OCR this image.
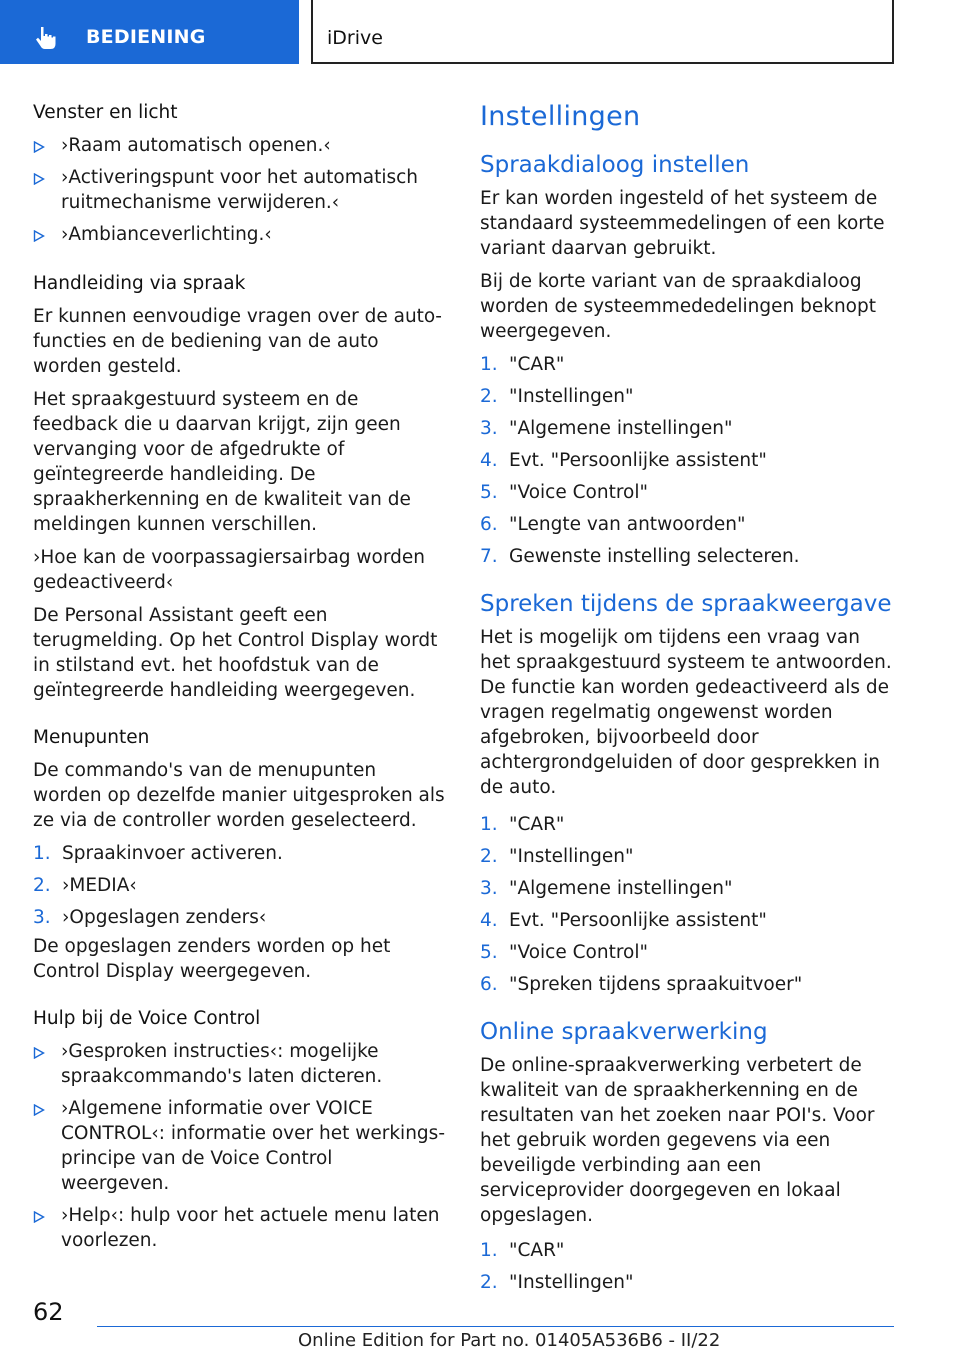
BEDIENING	iDrive
Venster en licht
›Raam automatisch openen.‹
›Activeringspunt voor het automatisch ruitmechanisme verwijderen.‹
›Ambianceverlichting.‹
Handleiding via spraak

Er kunnen eenvoudige vragen over de autofuncties en de bediening van de auto worden gesteld.

Het spraakgestuurd systeem en de feedback die u daarvan krijgt, zijn geen vervanging voor de afgedrukte of geïntegreerde handleiding. De spraakherkenning en de kwaliteit van de meldingen kunnen verschillen.

›Hoe kan de voorpassagiersairbag worden gedeactiveerd‹

De Personal Assistant geeft een terugmelding. Op het Control Display wordt in stilstand evt. het hoofdstuk van de geïntegreerde handleiding weergegeven.

Menupunten

De commando's van de menupunten worden op dezelfde manier uitgesproken als ze via de controller worden geselecteerd.

1. Spraakinvoer activeren.
2. ›MEDIA‹
3. ›Opgeslagen zenders‹

De opgeslagen zenders worden op het Control Display weergegeven.

Hulp bij de Voice Control
›Gesproken instructies‹: mogelijke spraakcommando's laten dicteren.
›Algemene informatie over VOICE CONTROL‹: informatie over het werkingsprincipe van de Voice Control weergeven.
›Help‹: hulp voor het actuele menu laten voorlezen.
Instellingen
Spraakdialoog instellen

Er kan worden ingesteld of het systeem de standaard systeemmedelingen of een korte variant daarvan gebruikt.

Bij de korte variant van de spraakdialoog worden de systeemmededelingen beknopt weergegeven.

1. "CAR"
2. "Instellingen"
3. "Algemene instellingen"
4. Evt. "Persoonlijke assistent"
5. "Voice Control"
6. "Lengte van antwoorden"
7. Gewenste instelling selecteren.
Spreken tijdens de spraakweergave

Het is mogelijk om tijdens een vraag van het spraakgestuurd systeem te antwoorden. De functie kan worden gedeactiveerd als de vragen regelmatig ongewenst worden afgebroken, bijvoorbeeld door achtergrondgeluiden of door gesprekken in de auto.

1. "CAR"
2. "Instellingen"
3. "Algemene instellingen"
4. Evt. "Persoonlijke assistent"
5. "Voice Control"
6. "Spreken tijdens spraakuitvoer"
Online spraakverwerking

De online-spraakverwerking verbetert de kwaliteit van de spraakherkenning en de resultaten van het zoeken naar POI's. Voor het gebruik worden gegevens via een beveiligde verbinding aan een serviceprovider doorgegeven en lokaal opgeslagen.

1. "CAR"
2. "Instellingen"
62
Online Edition for Part no. 01405A536B6 - II/22
